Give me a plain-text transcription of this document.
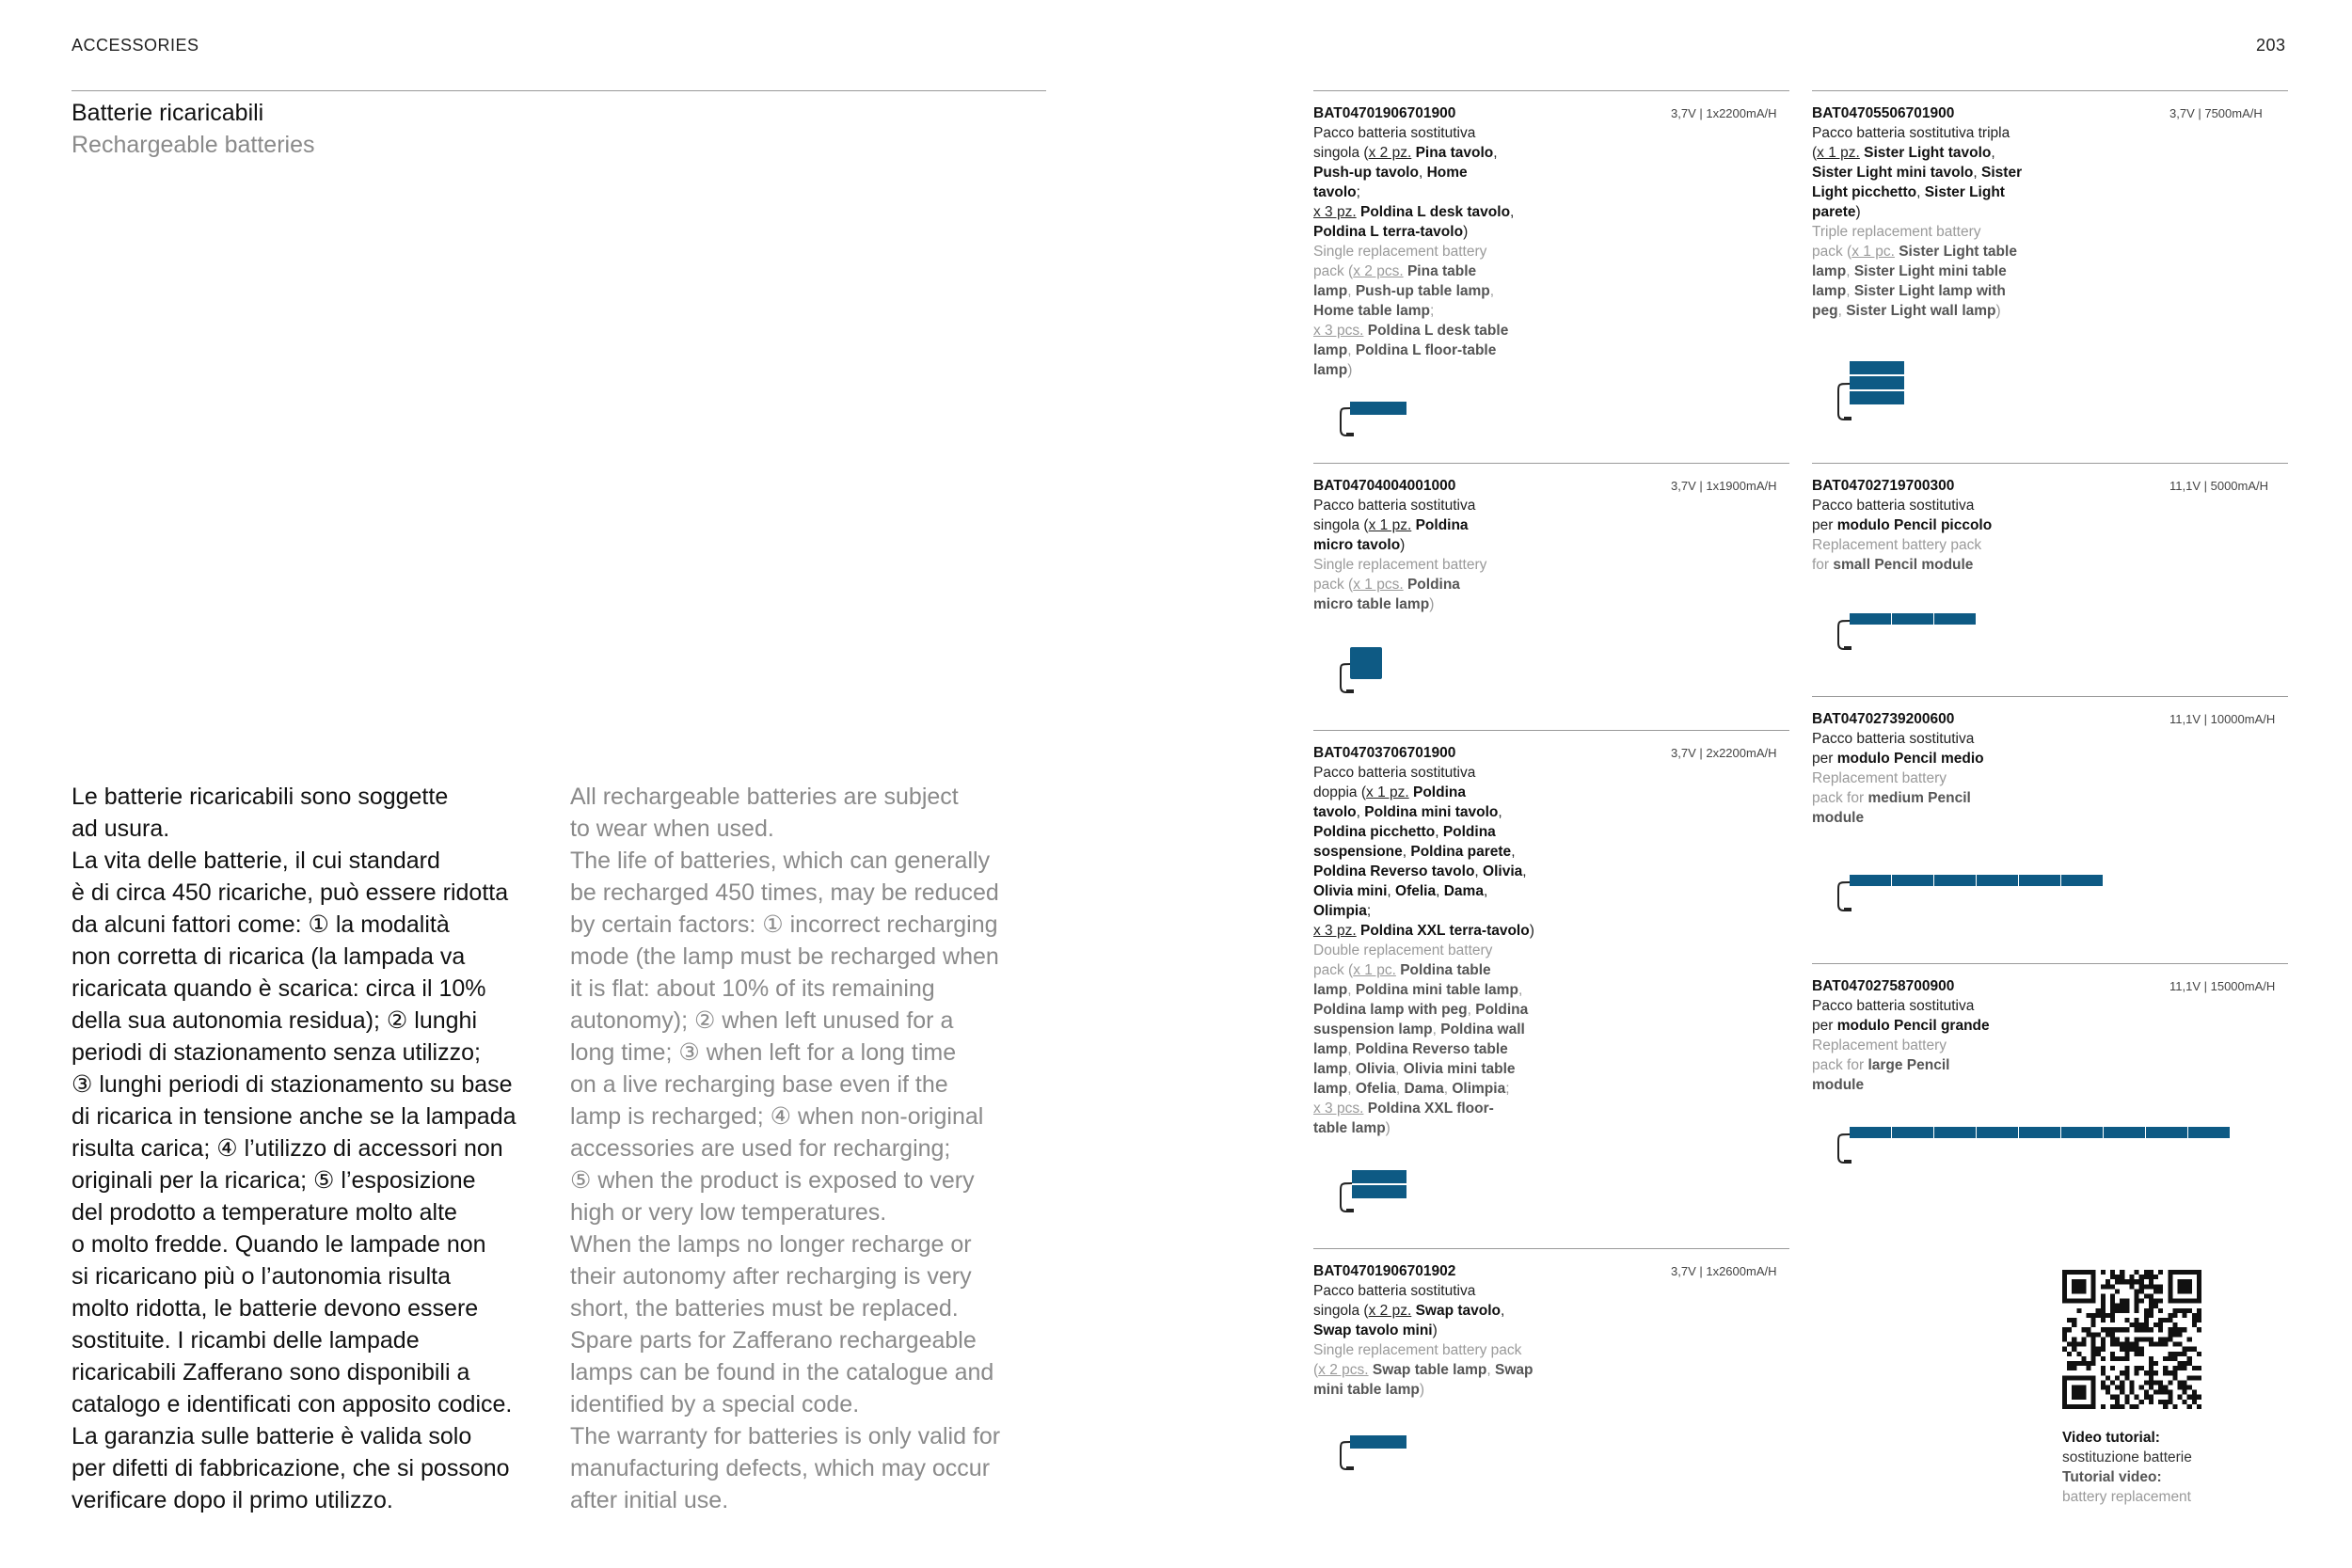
ACCESSORIES	203
Batterie ricaricabili
Rechargeable batteries

Le batterie ricaricabili sono soggette

ad usura.

La vita delle batterie, il cui standard

è di circa 450 ricariche, può essere ridotta

da alcuni fattori come: ① la modalità

non corretta di ricarica (la lampada va

ricaricata quando è scarica: circa il 10%

della sua autonomia residua); ② lunghi

periodi di stazionamento senza utilizzo;

③ lunghi periodi di stazionamento su base

di ricarica in tensione anche se la lampada

risulta carica; ④ l’utilizzo di accessori non

originali per la ricarica; ⑤ l’esposizione

del prodotto a temperature molto alte

o molto fredde. Quando le lampade non

si ricaricano più o l’autonomia risulta

molto ridotta, le batterie devono essere

sostituite. I ricambi delle lampade

ricaricabili Zafferano sono disponibili a

catalogo e identificati con apposito codice.

La garanzia sulle batterie è valida solo

per difetti di fabbricazione, che si possono

verificare dopo il primo utilizzo.

All rechargeable batteries are subject

to wear when used.

The life of batteries, which can generally

be recharged 450 times, may be reduced

by certain factors: ① incorrect recharging

mode (the lamp must be recharged when

it is flat: about 10% of its remaining

autonomy); ② when left unused for a

long time; ③ when left for a long time

on a live recharging base even if the

lamp is recharged; ④ when non-original

accessories are used for recharging;

⑤ when the product is exposed to very

high or very low temperatures.

When the lamps no longer recharge or

their autonomy after recharging is very

short, the batteries must be replaced.

Spare parts for Zafferano rechargeable

lamps can be found in the catalogue and

identified by a special code.

The warranty for batteries is only valid for

manufacturing defects, which may occur

after initial use.

3,7V | 1x2200mA/H
BAT04701906701900
Pacco batteria sostitutiva
singola (x 2 pz. Pina tavolo,
Push-up tavolo, Home
tavolo;
x 3 pz. Poldina L desk tavolo,
Poldina L terra-tavolo)
Single replacement battery
pack (x 2 pcs. Pina table
lamp, Push-up table lamp,
Home table lamp;
x 3 pcs. Poldina L desk table
lamp, Poldina L floor-table
lamp)
3,7V | 1x1900mA/H
BAT04704004001000
Pacco batteria sostitutiva
singola (x 1 pz. Poldina
micro tavolo)
Single replacement battery
pack (x 1 pcs. Poldina
micro table lamp)
3,7V | 2x2200mA/H
BAT04703706701900
Pacco batteria sostitutiva
doppia (x 1 pz. Poldina
tavolo, Poldina mini tavolo,
Poldina picchetto, Poldina
sospensione, Poldina parete,
Poldina Reverso tavolo, Olivia,
Olivia mini, Ofelia, Dama,
Olimpia;
x 3 pz. Poldina XXL terra-tavolo)
Double replacement battery
pack (x 1 pc. Poldina table
lamp, Poldina mini table lamp,
Poldina lamp with peg, Poldina
suspension lamp, Poldina wall
lamp, Poldina Reverso table
lamp, Olivia, Olivia mini table
lamp, Ofelia, Dama, Olimpia;
x 3 pcs. Poldina XXL floor-
table lamp)
3,7V | 1x2600mA/H
BAT04701906701902
Pacco batteria sostitutiva
singola (x 2 pz. Swap tavolo,
Swap tavolo mini)
Single replacement battery pack
(x 2 pcs. Swap table lamp, Swap
mini table lamp)
3,7V | 7500mA/H
BAT04705506701900
Pacco batteria sostitutiva tripla
(x 1 pz. Sister Light tavolo,
Sister Light mini tavolo, Sister
Light picchetto, Sister Light
parete)
Triple replacement battery
pack (x 1 pc. Sister Light table
lamp, Sister Light mini table
lamp, Sister Light lamp with
peg, Sister Light wall lamp)
11,1V | 5000mA/H
BAT04702719700300
Pacco batteria sostitutiva
per modulo Pencil piccolo
Replacement battery pack
for small Pencil module
11,1V | 10000mA/H
BAT04702739200600
Pacco batteria sostitutiva
per modulo Pencil medio
Replacement battery
pack for medium Pencil
module
11,1V | 15000mA/H
BAT04702758700900
Pacco batteria sostitutiva
per modulo Pencil grande
Replacement battery
pack for large Pencil
module
Video tutorial:
sostituzione batterie
Tutorial video:
battery replacement
